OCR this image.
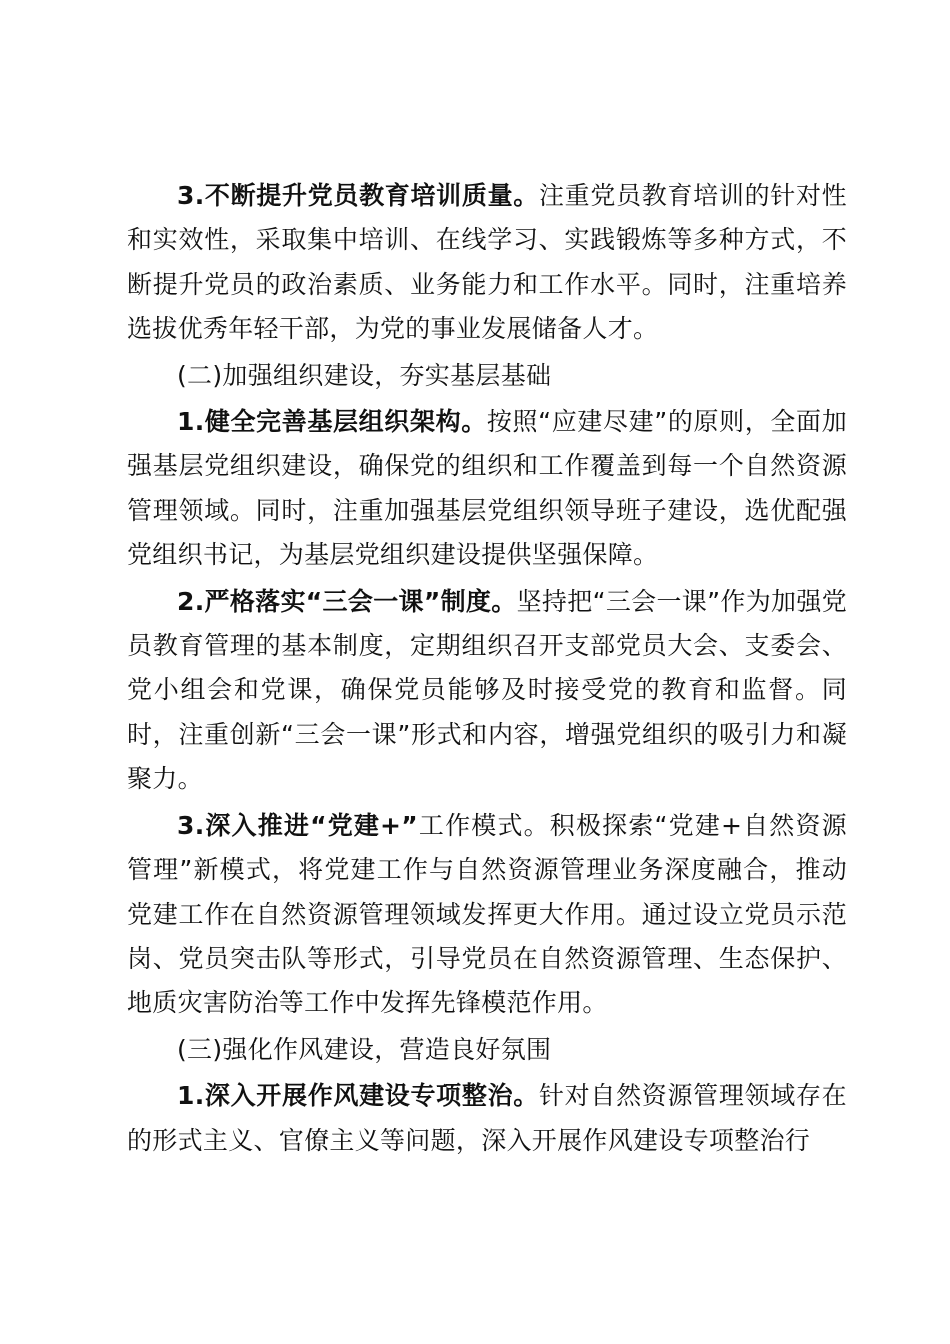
3.不断提升党员教育培训质量。注重党员教育培训的针对性和实效性，采取集中培训、在线学习、实践锻炼等多种方式，不断提升党员的政治素质、业务能力和工作水平。同时，注重培养选拔优秀年轻干部，为党的事业发展储备人才。

(二)加强组织建设，夯实基层基础

1.健全完善基层组织架构。按照“应建尽建”的原则，全面加强基层党组织建设，确保党的组织和工作覆盖到每一个自然资源管理领域。同时，注重加强基层党组织领导班子建设，选优配强党组织书记，为基层党组织建设提供坚强保障。

2.严格落实“三会一课”制度。坚持把“三会一课”作为加强党员教育管理的基本制度，定期组织召开支部党员大会、支委会、党小组会和党课，确保党员能够及时接受党的教育和监督。同时，注重创新“三会一课”形式和内容，增强党组织的吸引力和凝聚力。

3.深入推进“党建+”工作模式。积极探索“党建+自然资源管理”新模式，将党建工作与自然资源管理业务深度融合，推动党建工作在自然资源管理领域发挥更大作用。通过设立党员示范岗、党员突击队等形式，引导党员在自然资源管理、生态保护、地质灾害防治等工作中发挥先锋模范作用。

(三)强化作风建设，营造良好氛围

1.深入开展作风建设专项整治。针对自然资源管理领域存在的形式主义、官僚主义等问题，深入开展作风建设专项整治行
